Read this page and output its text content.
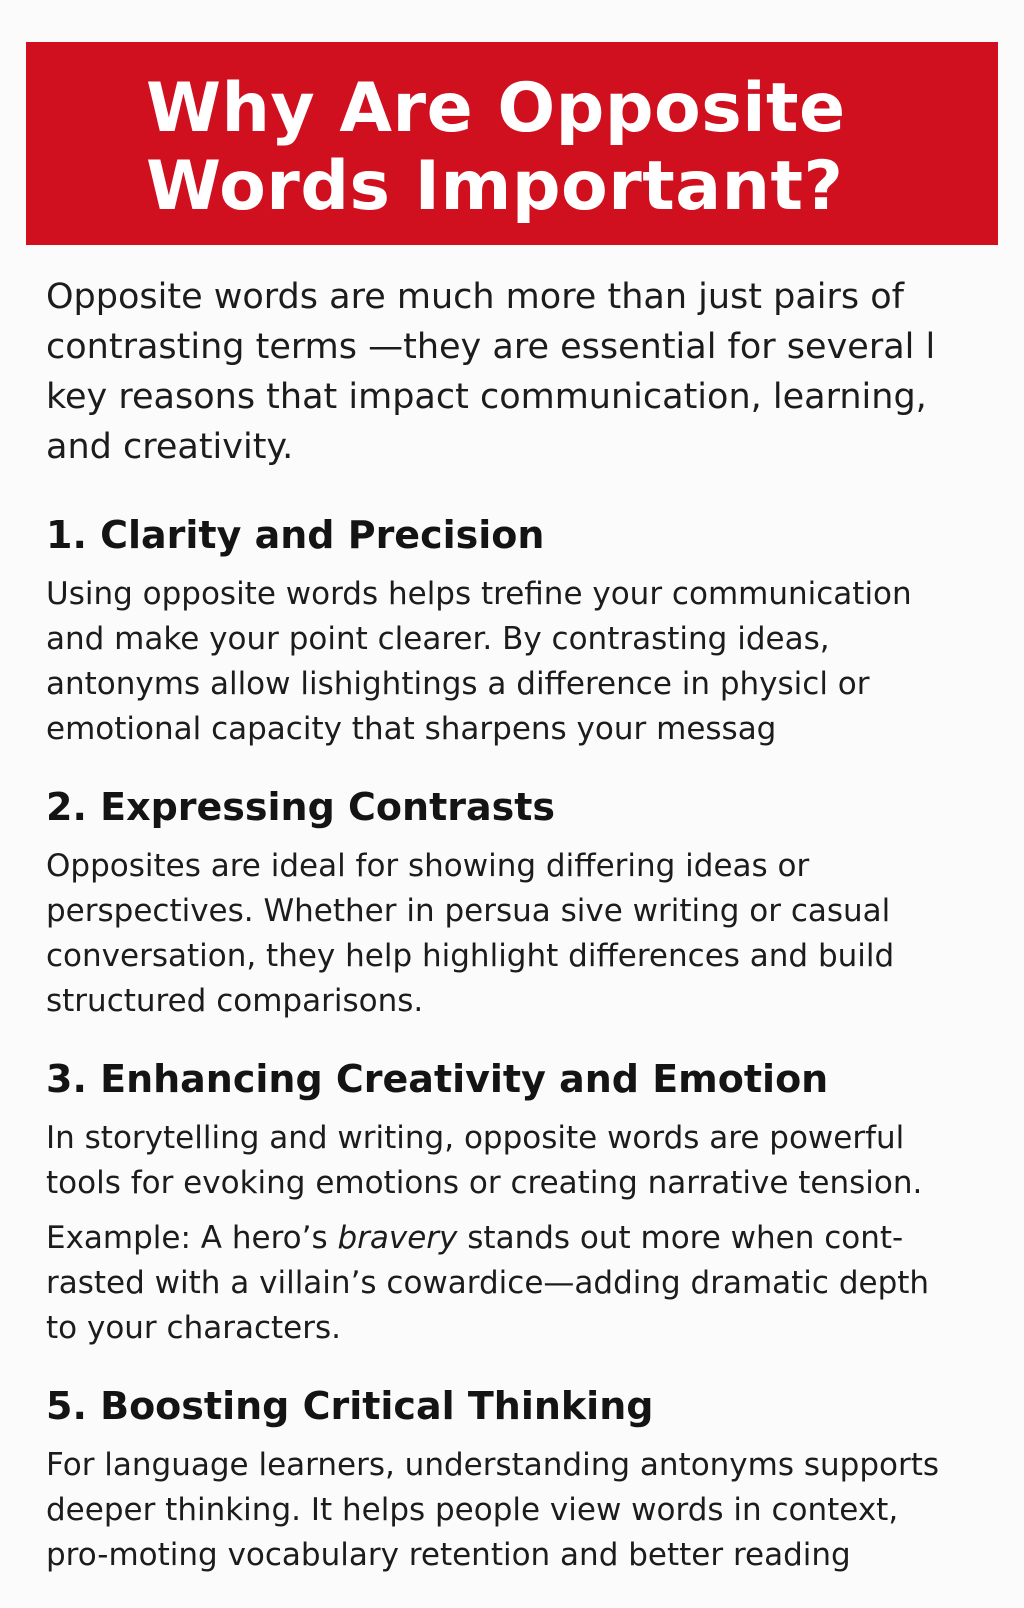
Why Are Opposite
Words Important?

Opposite words are much more than just pairs of contrasting terms —they are essential for several l key reasons that impact communication, learning, and creativity.

1. Clarity and Precision

Using opposite words helps trefine your communication and make your point clearer. By contrasting ideas, antonyms allow lishightings a difference in physicl or emotional capacity that sharpens your messag

2. Expressing Contrasts

Opposites are ideal for showing differing ideas or perspectives. Whether in persua sive writing or casual conversation, they help highlight differences and build structured comparisons.

3. Enhancing Creativity and Emotion

In storytelling and writing, opposite words are powerful tools for evoking emotions or creating narrative tension.

Example: A hero’s bravery stands out more when cont-rasted with a villain’s cowardice—adding dramatic depth to your characters.

5. Boosting Critical Thinking

For language learners, understanding antonyms supports deeper thinking. It helps people view words in context, pro-moting vocabulary retention and better reading
